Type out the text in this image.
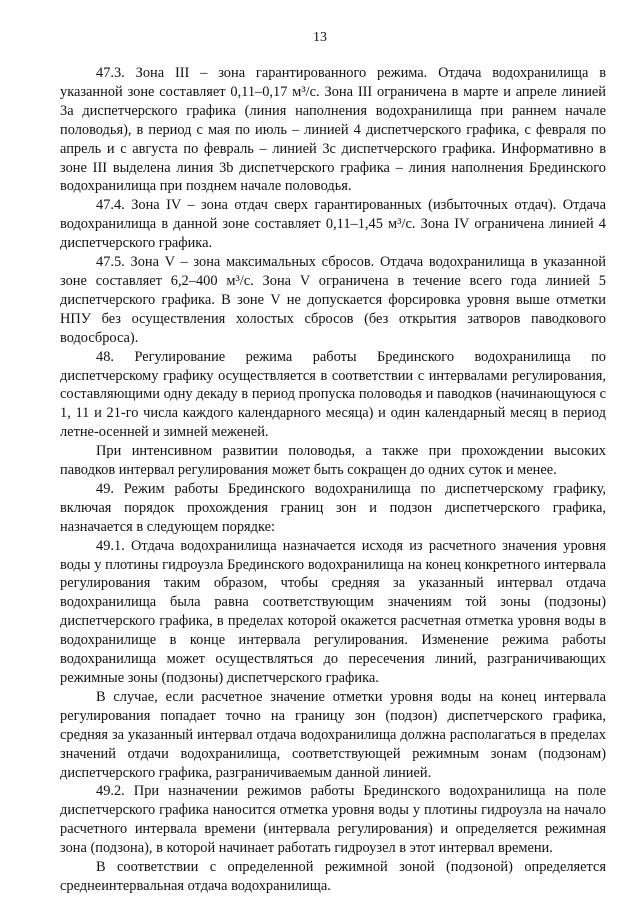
13

47.3. Зона III – зона гарантированного режима. Отдача водохранилища в указанной зоне составляет 0,11–0,17 м³/с. Зона III ограничена в марте и апреле линией 3a диспетчерского графика (линия наполнения водохранилища при раннем начале половодья), в период с мая по июль – линией 4 диспетчерского графика, с февраля по апрель и с августа по февраль – линией 3с диспетчерского графика. Информативно в зоне III выделена линия 3b диспетчерского графика – линия наполнения Брединского водохранилища при позднем начале половодья.

47.4. Зона IV – зона отдач сверх гарантированных (избыточных отдач). Отдача водохранилища в данной зоне составляет 0,11–1,45 м³/с. Зона IV ограничена линией 4 диспетчерского графика.

47.5. Зона V – зона максимальных сбросов. Отдача водохранилища в указанной зоне составляет 6,2–400 м³/с. Зона V ограничена в течение всего года линией 5 диспетчерского графика. В зоне V не допускается форсировка уровня выше отметки НПУ без осуществления холостых сбросов (без открытия затворов паводкового водосброса).

48. Регулирование режима работы Брединского водохранилища по диспетчерскому графику осуществляется в соответствии с интервалами регулирования, составляющими одну декаду в период пропуска половодья и паводков (начинающуюся с 1, 11 и 21-го числа каждого календарного месяца) и один календарный месяц в период летне-осенней и зимней меженей.

При интенсивном развитии половодья, а также при прохождении высоких паводков интервал регулирования может быть сокращен до одних суток и менее.

49. Режим работы Брединского водохранилища по диспетчерскому графику, включая порядок прохождения границ зон и подзон диспетчерского графика, назначается в следующем порядке:

49.1. Отдача водохранилища назначается исходя из расчетного значения уровня воды у плотины гидроузла Брединского водохранилища на конец конкретного интервала регулирования таким образом, чтобы средняя за указанный интервал отдача водохранилища была равна соответствующим значениям той зоны (подзоны) диспетчерского графика, в пределах которой окажется расчетная отметка уровня воды в водохранилище в конце интервала регулирования. Изменение режима работы водохранилища может осуществляться до пересечения линий, разграничивающих режимные зоны (подзоны) диспетчерского графика.

В случае, если расчетное значение отметки уровня воды на конец интервала регулирования попадает точно на границу зон (подзон) диспетчерского графика, средняя за указанный интервал отдача водохранилища должна располагаться в пределах значений отдачи водохранилища, соответствующей режимным зонам (подзонам) диспетчерского графика, разграничиваемым данной линией.

49.2. При назначении режимов работы Брединского водохранилища на поле диспетчерского графика наносится отметка уровня воды у плотины гидроузла на начало расчетного интервала времени (интервала регулирования) и определяется режимная зона (подзона), в которой начинает работать гидроузел в этот интервал времени.

В соответствии с определенной режимной зоной (подзоной) определяется среднеинтервальная отдача водохранилища.
